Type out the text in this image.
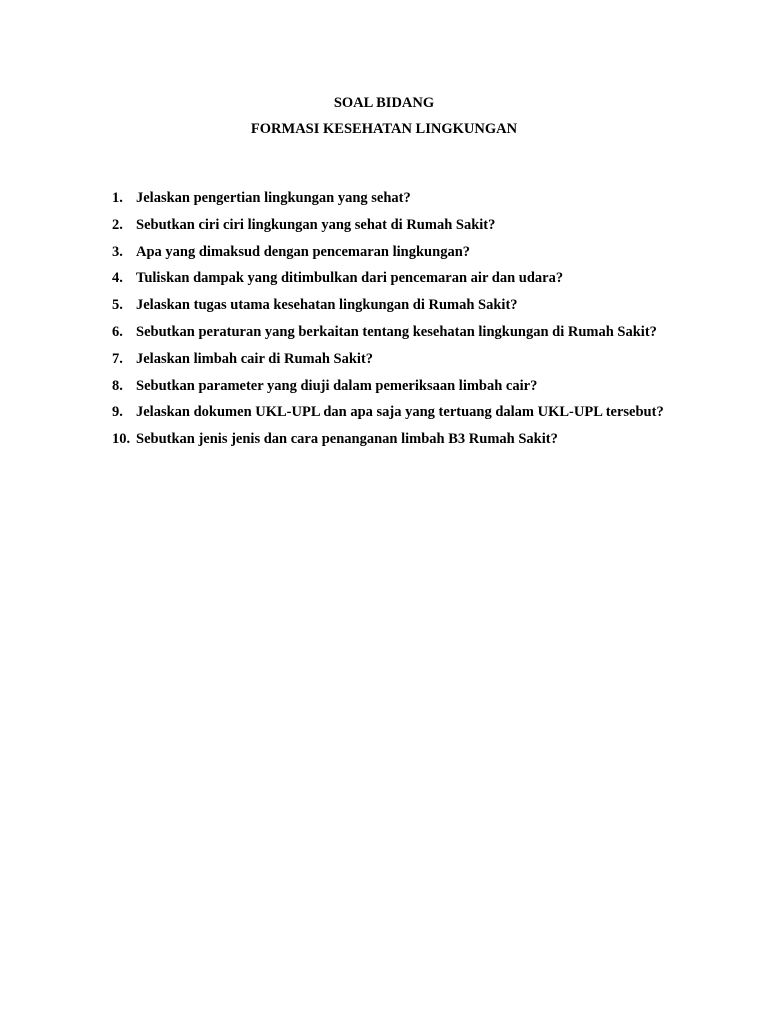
SOAL BIDANG

FORMASI KESEHATAN LINGKUNGAN

1. Jelaskan pengertian lingkungan yang sehat?
2. Sebutkan ciri ciri lingkungan yang sehat di Rumah Sakit?
3. Apa yang dimaksud dengan pencemaran lingkungan?
4. Tuliskan dampak yang ditimbulkan dari pencemaran air dan udara?
5. Jelaskan tugas utama kesehatan lingkungan di Rumah Sakit?
6. Sebutkan peraturan yang berkaitan tentang kesehatan lingkungan di Rumah Sakit?
7. Jelaskan limbah cair di Rumah Sakit?
8. Sebutkan parameter yang diuji dalam pemeriksaan limbah cair?
9. Jelaskan dokumen UKL-UPL dan apa saja yang tertuang dalam UKL-UPL tersebut?
10. Sebutkan jenis jenis dan cara penanganan limbah B3 Rumah Sakit?
